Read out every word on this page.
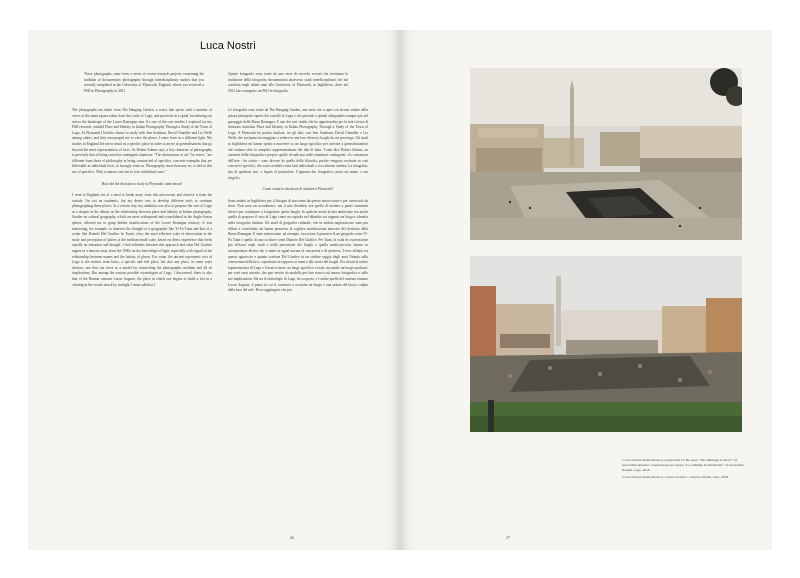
Luca Nostri

These photographs come from a series of recent research projects examining the tradition of documentary photography through interdisciplinary studies that you recently completed at the University of Plymouth, England, where you received a PhD in Photography in 2021.

The photographs are taken from The Hanging Garden, a series that opens with a number of views of the main square taken from the castle of Lugo, and proceeds in a spiral, broadening out across the landscape of the Lower Romagna area. It's one of the case studies I explored for my PhD research, entitled Place and Identity in Italian Photography Through a Study of the Town of Lugo. At Plymouth I had the chance to study with Jem Southam, David Chandler and Liz Wells among others, and they encouraged me to view the places I come from in a different light. My studies in England led me to intuit on a specific place in order to arrive at generalisations that go beyond the mere representation of facts. As Robert Adams says, a key character of photography is precisely that of being rooted in contingent situations: "The abstractions of art," he writes, "are different from those of philosophy in being constructed of specifics, concrete examples that are believable as individual facts, or strongly seem so. Photography, more than any art, is tied in this use of specifics. With a camera, one has to love individual cases."

How did the decision to study in Plymouth come about?

I went to England out of a need to break away from this microcosm and observe it from the outside. I'm not an academic, but my desire was to develop different tools to continue photographing these places. In a certain way, my ambition was also to propose the case of Lugo as a chapter in the debate on the relationship between place and identity in Italian photography. Studies on cultural geography, which are more widespread and consolidated in the Anglo-Saxon sphere, allowed me to grasp hidden stratifications of the Lower Romagna territory. It was interesting, for example, to intersect the thought of a geographer like Yi-Fu Tuan and that of a writer like Daniele Del Giudice. In Tuan's view, the most effective scale of observation in the study and perception of places is the medium-small scale, based on direct experience that feeds equally on sensation and thought. I find affinities between this approach and what Del Giudice argues in a famous essay from the 1980s on the knowledge of light, especially with regard to the relationship between names and the history of places. For some, the ancient toponymic root of Lugo is the archaic term lucus, a specific and real place, but also any place, in some ways abstract, one that can serve as a model for researching the photographic medium and all its implications. But among the various possible etymologies of Lugo, I discovered, there is also that of the Roman castrum Lucus Augusti, the place in which one begins to build a fort in a clearing in the woods struck by sunlight. I must add that I

Queste fotografie sono tratte da una serie di ricerche recenti che rivisitano la tradizione della fotografia documentaria attraverso studi interdisciplinari che hai condotto negli ultimi anni alla University of Plymouth, in Inghilterra, dove nel 2021 hai conseguito un PhD in fotografia.

Le fotografie sono tratte da The Hanging Garden, una serie che si apre con alcune vedute della piazza principale riprese dal castello di Lugo e che procede a spirale allargandosi sempre piu nel paesaggio della Bassa Romagna. E uno dei casi studio che ho approfondito per la mia ricerca di dottorato intitolata Place and Identity in Italian Photography Through a Study of the Town of Lugo. A Plymouth ho potuto studiare, tra gli altri, con Jem Southam, David Chandler e Liz Wells, che mi hanno incoraggiato a vedere in una luce diversa i luoghi da cui provengo. Gli studi in Inghilterra mi hanno spinto a muovere su un luogo specifico per arrivare a generalizzazioni che vadano oltre la semplice rappresentazione dei dati di fatto. Come dice Robert Adams, un carattere della fotografia e proprio quello di radicarsi nelle situazioni contingenti: «Le astrazioni dell'arte - ha scritto - sono diverse da quelle della filosofia, perche vengono costruite su casi concreti e specifici, che sono credibili come fatti individuali o cosi almeno sembra. La fotografia, piu di qualsiasi arte, e legata al particolare. L'apparecchio fotografico porta ad amare i casi singoli.»

Come e nata la decisione di studiare a Plymouth?

Sono andato in Inghilterra per il bisogno di staccarmi da questo microcosmo e per osservarlo da fuori. Non sono un accademico, ma il mio desiderio era quello di mettere a punto strumenti diversi per continuare a fotografare questi luoghi. In qualche modo la mia ambizione era anche quella di proporre il caso di Lugo come un capitolo nel dibattito sui rapporti tra luogo e identita nella fotografia italiana. Gli studi di geografia culturale, che in ambito anglosassone sono piu diffusi e consolidati, mi hanno permesso di cogliere stratificazioni nascoste del territorio della Bassa Romagna. E stato interessante, ad esempio, incrociare il pensiero di un geografo come Yi-Fu Tuan e quello di uno scrittore come Daniele Del Giudice. Per Tuan, la scala di osservazione piu efficace negli studi e nella percezione dei luoghi e quella medio-piccola, basata su un'esperienza diretta che si nutre in egual misura di sensazioni e di pensiero. Trovo affinita tra questo approccio e quanto sostiene Del Giudice in un celebre saggio degli anni Ottanta sulla conoscenza della luce, soprattutto in rapporto ai nomi e alla storia dei luoghi. Per alcuni la radice toponomastica di Lugo e l'arcaico lucus: un luogo specifico e reale, ma anche un luogo qualsiasi, per certi versi astratto, che puo servire da modello per fare ricerca sul mezzo fotografico e sulle sue implicazioni. Ma tra le etimologie di Lugo, ho scoperto, c'e anche quella del castrum romano Lucus Augusti: il punto in cui si comincia a costruire un luogo e una radura del bosco colpita dalla luce del sole. Devo aggiungere che poi

26
1 Luca Nostri, Piazza Baracca, preparation for the opera "The Marriage Contract" by Gioacchino Rossini / preparazione per l'opera "La cambiale di matrimonio" di Gioacchino Rossini, Lugo, 2018
2 Luca Nostri, Piazza Baracca, concert at dawn / concerto all'alba, Lugo, 2018
27
